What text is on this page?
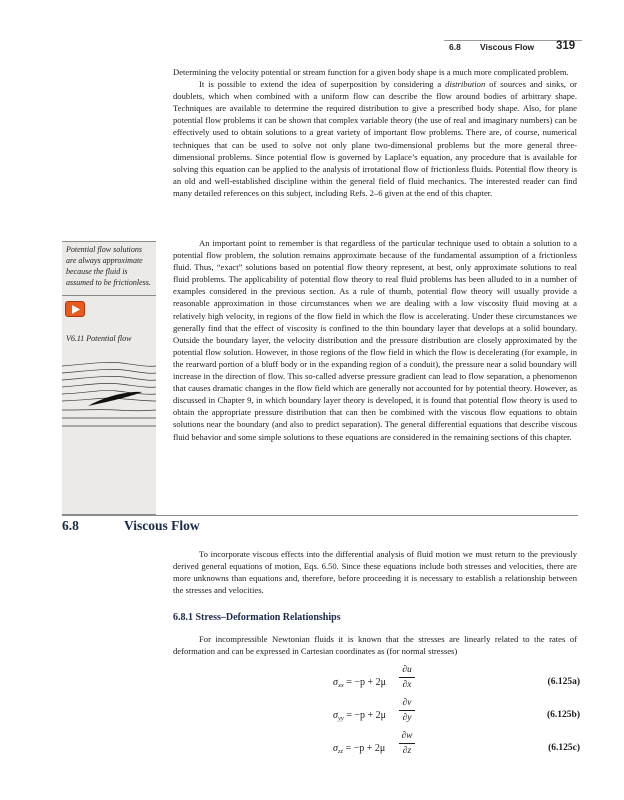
6.8 Viscous Flow 319

Determining the velocity potential or stream function for a given body shape is a much more complicated problem.

It is possible to extend the idea of superposition by considering a distribution of sources and sinks, or doublets, which when combined with a uniform flow can describe the flow around bodies of arbitrary shape. Techniques are available to determine the required distribution to give a prescribed body shape. Also, for plane potential flow problems it can be shown that complex variable theory (the use of real and imaginary numbers) can be effectively used to obtain solutions to a great variety of important flow problems. There are, of course, numerical techniques that can be used to solve not only plane two-dimensional problems but the more general three-dimensional problems. Since potential flow is governed by Laplace’s equation, any procedure that is available for solving this equation can be applied to the analysis of irrotational flow of frictionless fluids. Potential flow theory is an old and well-established discipline within the general field of fluid mechanics. The interested reader can find many detailed references on this subject, including Refs. 2–6 given at the end of this chapter.

An important point to remember is that regardless of the particular technique used to obtain a solution to a potential flow problem, the solution remains approximate because of the fundamental assumption of a frictionless fluid. Thus, “exact” solutions based on potential flow theory represent, at best, only approximate solutions to real fluid problems. The applicability of potential flow theory to real fluid problems has been alluded to in a number of examples considered in the previous section. As a rule of thumb, potential flow theory will usually provide a reasonable approximation in those circumstances when we are dealing with a low viscosity fluid moving at a relatively high velocity, in regions of the flow field in which the flow is accelerating. Under these circumstances we generally find that the effect of viscosity is confined to the thin boundary layer that develops at a solid boundary. Outside the boundary layer, the velocity distribution and the pressure distribution are closely approximated by the potential flow solution. However, in those regions of the flow field in which the flow is decelerating (for example, in the rearward portion of a bluff body or in the expanding region of a conduit), the pressure near a solid boundary will increase in the direction of flow. This so-called adverse pressure gradient can lead to flow separation, a phenomenon that causes dramatic changes in the flow field which are generally not accounted for by potential theory. However, as discussed in Chapter 9, in which boundary layer theory is developed, it is found that potential flow theory is used to obtain the appropriate pressure distribution that can then be combined with the viscous flow equations to obtain solutions near the boundary (and also to predict separation). The general differential equations that describe viscous fluid behavior and some simple solutions to these equations are considered in the remaining sections of this chapter.

Potential flow solutions are always approximate because the fluid is assumed to be frictionless.
V6.11 Potential flow
6.8	Viscous Flow

To incorporate viscous effects into the differential analysis of fluid motion we must return to the previously derived general equations of motion, Eqs. 6.50. Since these equations include both stresses and velocities, there are more unknowns than equations and, therefore, before proceeding it is necessary to establish a relationship between the stresses and velocities.

6.8.1 Stress–Deformation Relationships

For incompressible Newtonian fluids it is known that the stresses are linearly related to the rates of deformation and can be expressed in Cartesian coordinates as (for normal stresses)

$\sigma_{xx} = -p + 2\mu$
∂u
∂x	(6.125a)
$\sigma_{yy} = -p + 2\mu$
∂v
∂y	(6.125b)
$\sigma_{zz} = -p + 2\mu$
∂w
∂z	(6.125c)
